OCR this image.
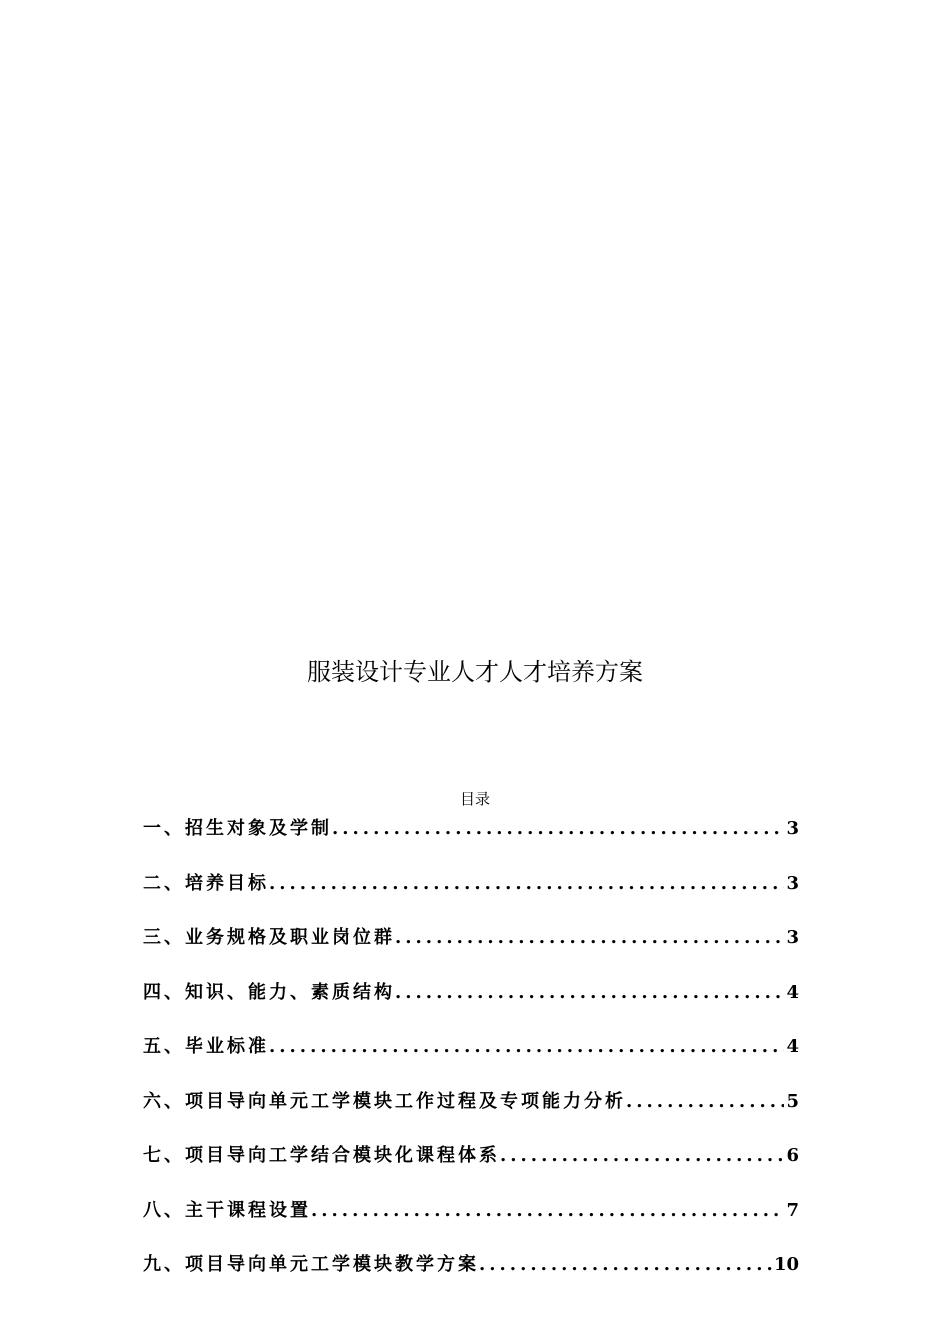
服装设计专业人才人才培养方案
目录
一、招生对象及学制 .....	3
二、培养目标 .....	3
三、业务规格及职业岗位群 .....	3
四、知识、能力、素质结构 .....	4
五、毕业标准 .....	4
六、项目导向单元工学模块工作过程及专项能力分析 .....	5
七、项目导向工学结合模块化课程体系 .....	6
八、主干课程设置 .....	7
九、项目导向单元工学模块教学方案 .....	10
